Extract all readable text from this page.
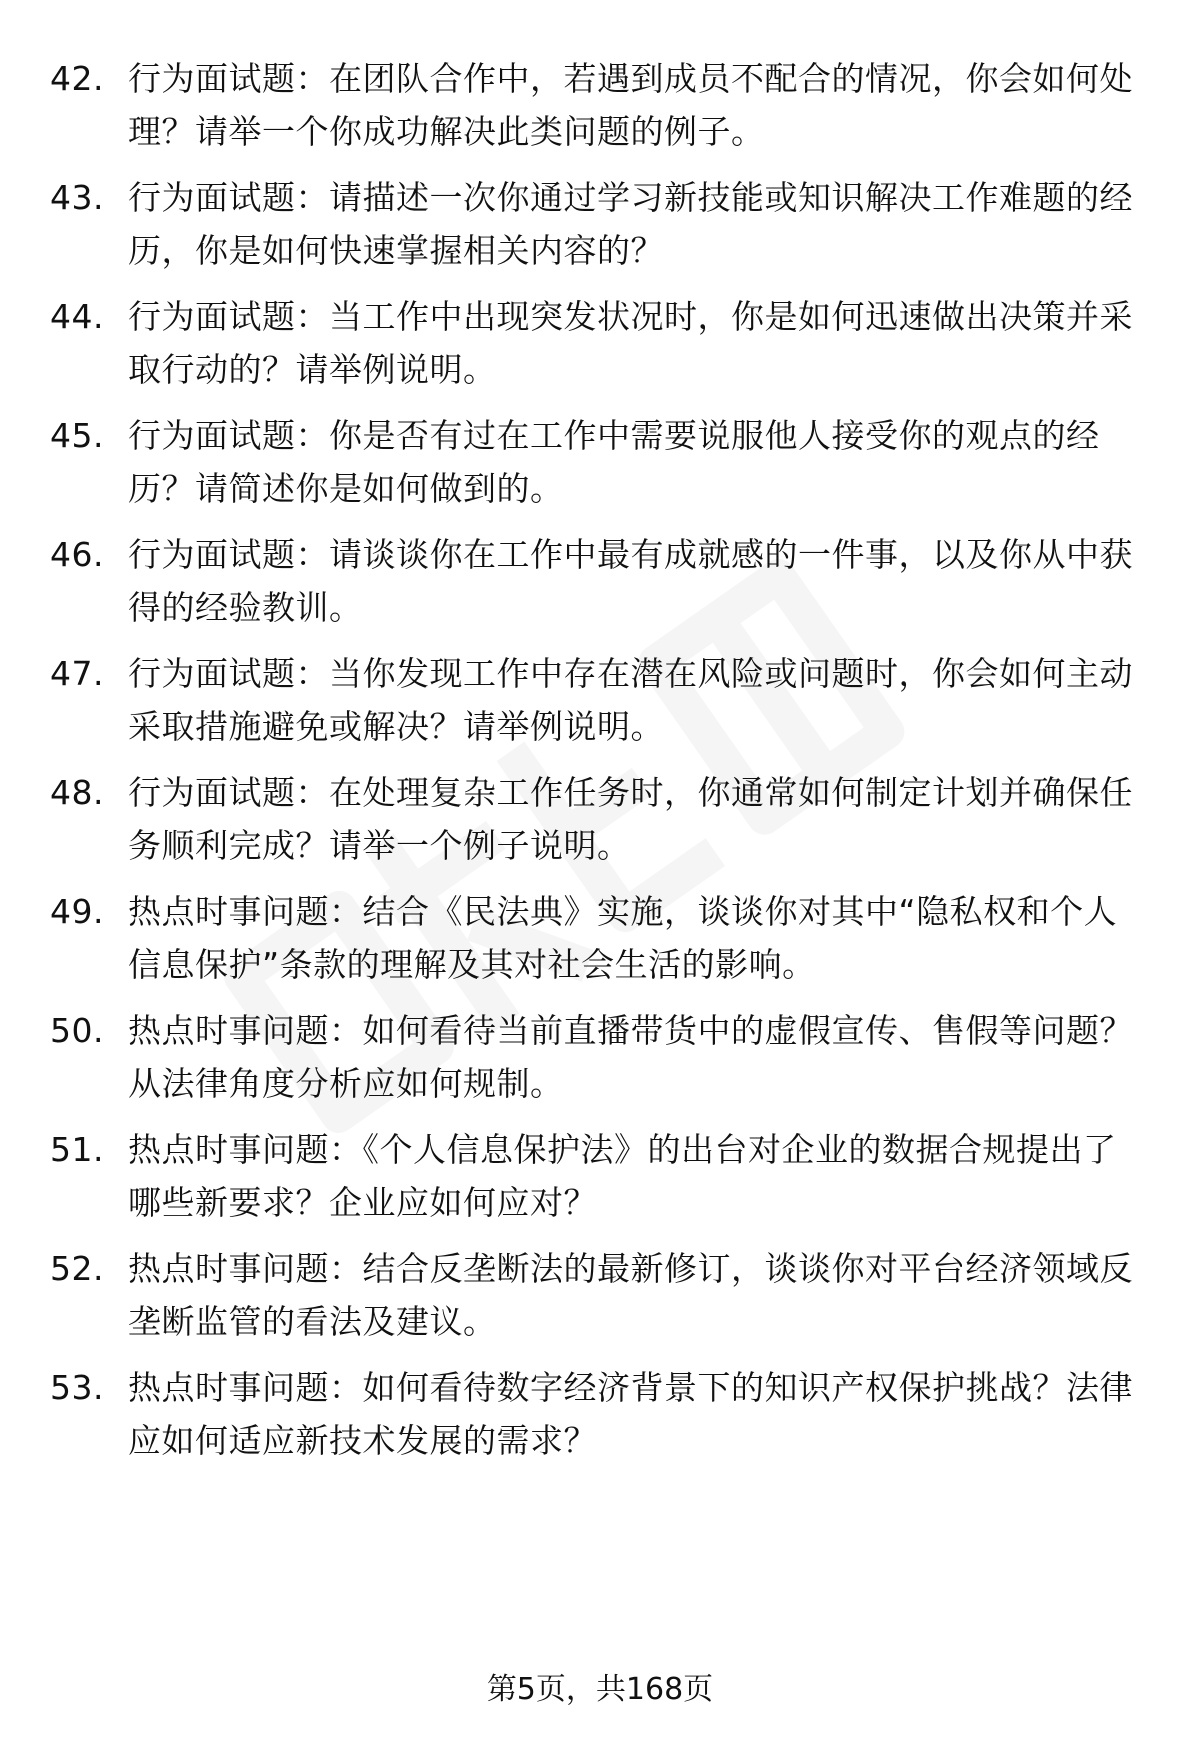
42. 行为面试题：在团队合作中，若遇到成员不配合的情况，你会如何处理？请举一个你成功解决此类问题的例子。
43. 行为面试题：请描述一次你通过学习新技能或知识解决工作难题的经历，你是如何快速掌握相关内容的？
44. 行为面试题：当工作中出现突发状况时，你是如何迅速做出决策并采取行动的？请举例说明。
45. 行为面试题：你是否有过在工作中需要说服他人接受你的观点的经历？请简述你是如何做到的。
46. 行为面试题：请谈谈你在工作中最有成就感的一件事，以及你从中获得的经验教训。
47. 行为面试题：当你发现工作中存在潜在风险或问题时，你会如何主动采取措施避免或解决？请举例说明。
48. 行为面试题：在处理复杂工作任务时，你通常如何制定计划并确保任务顺利完成？请举一个例子说明。
49. 热点时事问题：结合《民法典》实施，谈谈你对其中“隐私权和个人信息保护”条款的理解及其对社会生活的影响。
50. 热点时事问题：如何看待当前直播带货中的虚假宣传、售假等问题？从法律角度分析应如何规制。
51. 热点时事问题：《个人信息保护法》的出台对企业的数据合规提出了哪些新要求？企业应如何应对？
52. 热点时事问题：结合反垄断法的最新修订，谈谈你对平台经济领域反垄断监管的看法及建议。
53. 热点时事问题：如何看待数字经济背景下的知识产权保护挑战？法律应如何适应新技术发展的需求？
第5页，共168页
